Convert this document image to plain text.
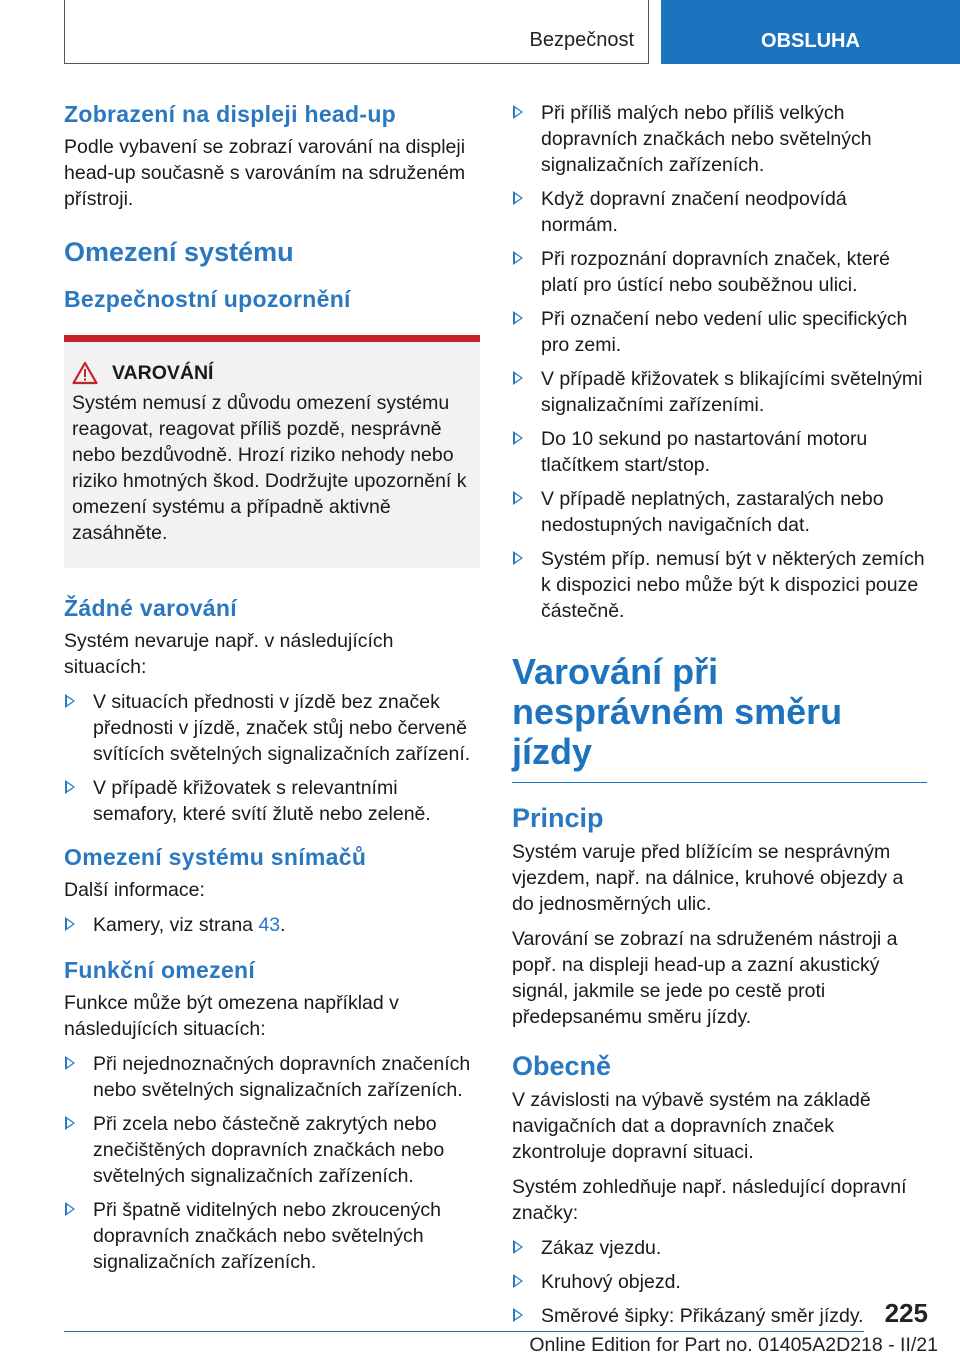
Bezpečnost	OBSLUHA
Zobrazení na displeji head-up

Podle vybavení se zobrazí varování na displeji head-up současně s varováním na sdruženém přístroji.

Omezení systému
Bezpečnostní upozornění
VAROVÁNÍ
Systém nemusí z důvodu omezení systému reagovat, reagovat příliš pozdě, nesprávně nebo bezdůvodně. Hrozí riziko nehody nebo riziko hmotných škod. Dodržujte upozornění k omezení systému a případně aktivně zasáhněte.
Žádné varování

Systém nevaruje např. v následujících situacích:

V situacích přednosti v jízdě bez značek přednosti v jízdě, značek stůj nebo červeně svítících světelných signalizačních zařízení.
V případě křižovatek s relevantními semafory, které svítí žlutě nebo zeleně.
Omezení systému snímačů

Další informace:

Kamery, viz strana 43.
Funkční omezení

Funkce může být omezena například v následujících situacích:

Při nejednoznačných dopravních značeních nebo světelných signalizačních zařízeních.
Při zcela nebo částečně zakrytých nebo znečištěných dopravních značkách nebo světelných signalizačních zařízeních.
Při špatně viditelných nebo zkroucených dopravních značkách nebo světelných signalizačních zařízeních.
Při příliš malých nebo příliš velkých dopravních značkách nebo světelných signalizačních zařízeních.
Když dopravní značení neodpovídá normám.
Při rozpoznání dopravních značek, které platí pro ústící nebo souběžnou ulici.
Při označení nebo vedení ulic specifických pro zemi.
V případě křižovatek s blikajícími světelnými signalizačními zařízeními.
Do 10 sekund po nastartování motoru tlačítkem start/stop.
V případě neplatných, zastaralých nebo nedostupných navigačních dat.
Systém příp. nemusí být v některých zemích k dispozici nebo může být k dispozici pouze částečně.
Varování při nesprávném směru jízdy
Princip

Systém varuje před blížícím se nesprávným vjezdem, např. na dálnice, kruhové objezdy a do jednosměrných ulic.

Varování se zobrazí na sdruženém nástroji a popř. na displeji head-up a zazní akustický signál, jakmile se jede po cestě proti předepsanému směru jízdy.

Obecně

V závislosti na výbavě systém na základě navigačních dat a dopravních značek zkontroluje dopravní situaci.

Systém zohledňuje např. následující dopravní značky:

Zákaz vjezdu.
Kruhový objezd.
Směrové šipky: Přikázaný směr jízdy. 225
Online Edition for Part no. 01405A2D218 - II/21
